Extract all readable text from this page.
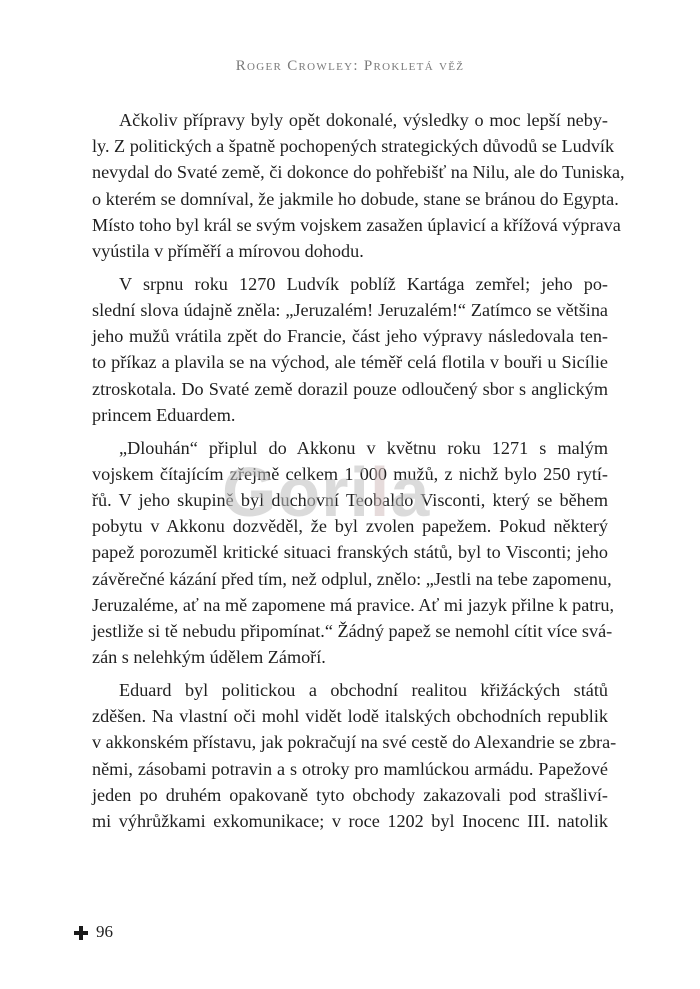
Roger Crowley: Prokletá věž

Ačkoliv přípravy byly opět dokonalé, výsledky o moc lepší neby-
ly. Z politických a špatně pochopených strategických důvodů se Ludvík
nevydal do Svaté země, či dokonce do pohřebišť na Nilu, ale do Tuniska,
o kterém se domníval, že jakmile ho dobude, stane se bránou do Egypta.
Místo toho byl král se svým vojskem zasažen úplavicí a křížová výprava
vyústila v příměří a mírovou dohodu.

V srpnu roku 1270 Ludvík poblíž Kartága zemřel; jeho po-
slední slova údajně zněla: „Jeruzalém! Jeruzalém!“ Zatímco se většina
jeho mužů vrátila zpět do Francie, část jeho výpravy následovala ten-
to příkaz a plavila se na východ, ale téměř celá flotila v bouři u Sicílie
ztroskotala. Do Svaté země dorazil pouze odloučený sbor s anglickým
princem Eduardem.

„Dlouhán“ připlul do Akkonu v květnu roku 1271 s malým
vojskem čítajícím zřejmě celkem 1 000 mužů, z nichž bylo 250 rytí-
řů. V jeho skupině byl duchovní Teobaldo Visconti, který se během
pobytu v Akkonu dozvěděl, že byl zvolen papežem. Pokud některý
papež porozuměl kritické situaci franských států, byl to Visconti; jeho
závěrečné kázání před tím, než odplul, znělo: „Jestli na tebe zapomenu,
Jeruzaléme, ať na mě zapomene má pravice. Ať mi jazyk přilne k patru,
jestliže si tě nebudu připomínat.“ Žádný papež se nemohl cítit více svá-
zán s nelehkým údělem Zámoří.

Eduard byl politickou a obchodní realitou křižáckých států
zděšen. Na vlastní oči mohl vidět lodě italských obchodních republik
v akkonském přístavu, jak pokračují na své cestě do Alexandrie se zbra-
němi, zásobami potravin a s otroky pro mamlúckou armádu. Papežové
jeden po druhém opakovaně tyto obchody zakazovali pod strašliví-
mi výhrůžkami exkomunikace; v roce 1202 byl Inocenc III. natolik

Gorila
96
